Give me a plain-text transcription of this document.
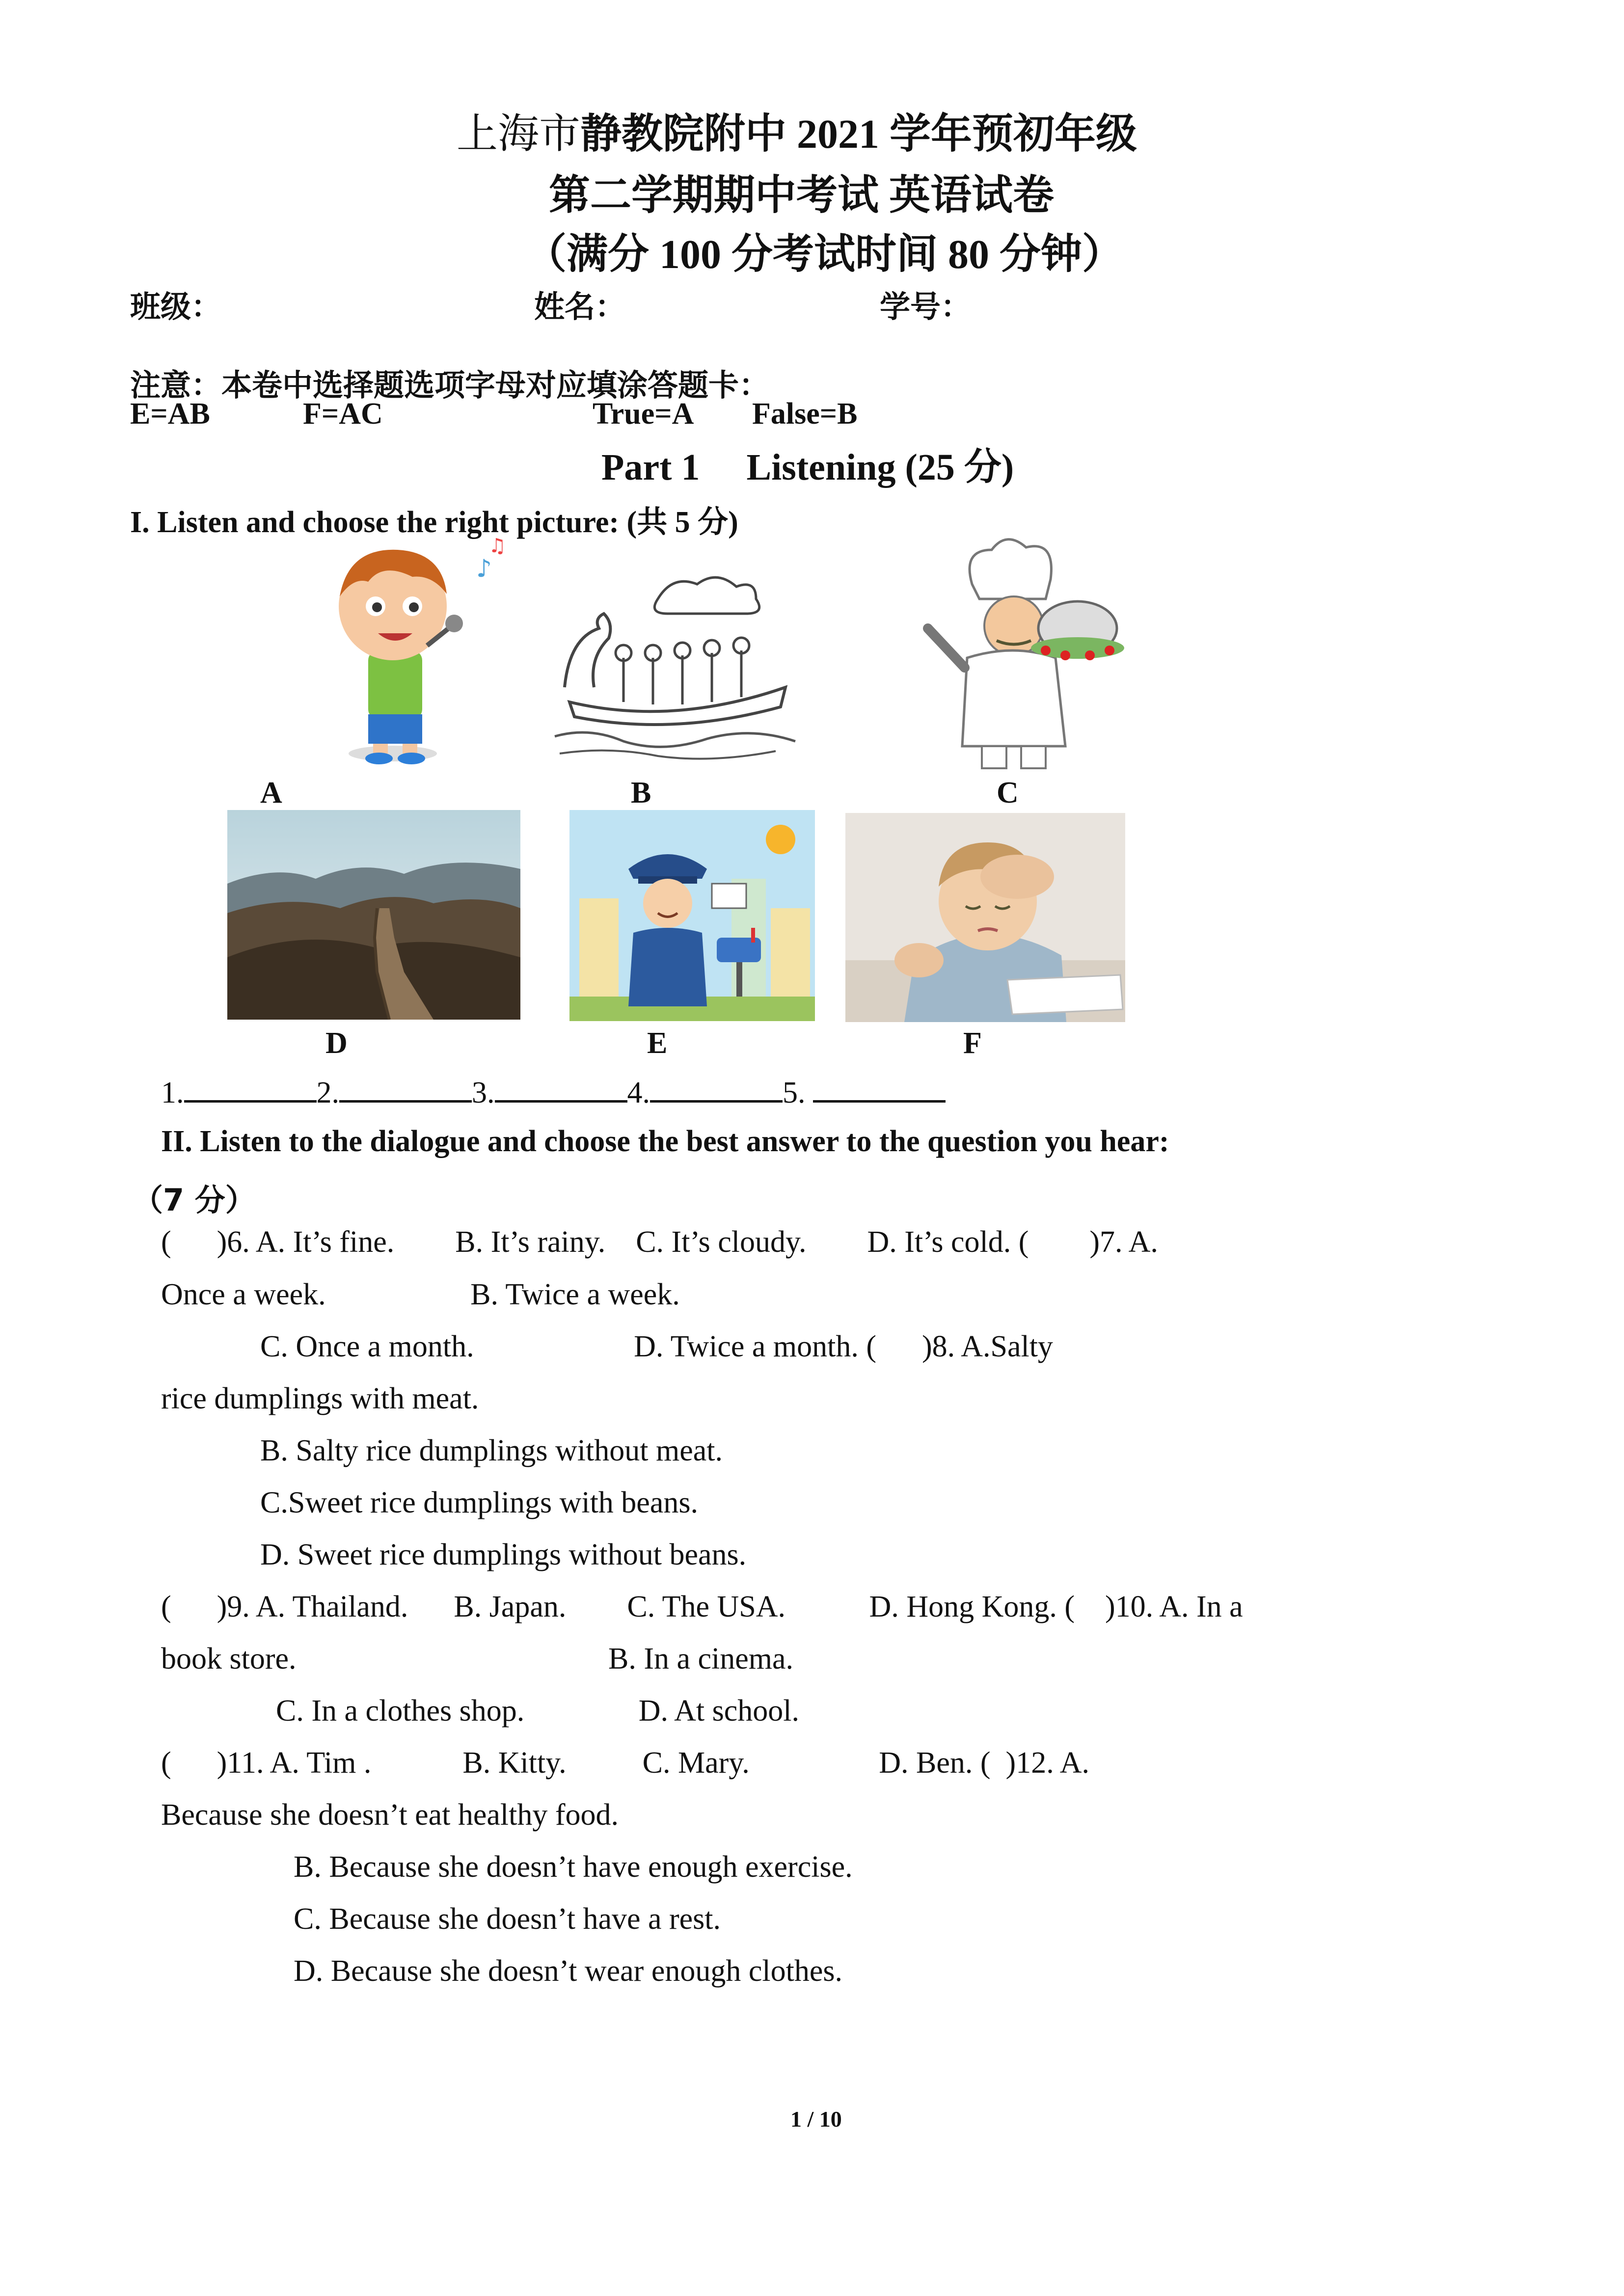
上海市静教院附中 2021 学年预初年级
第二学期期中考试 英语试卷
（满分 100 分考试时间 80 分钟）
班级：	姓名：	学号：
注意：本卷中选择题选项字母对应填涂答题卡：
E=AB	F=AC	True=A False=B
Part 1 Listening (25 分)
I. Listen and choose the right picture: (共 5 分)
♪
♫
A	B	C
D	E	F
1.	2.	3.	4.	5.
II. Listen to the dialogue and choose the best answer to the question you hear:
（7 分）
(      )6. A. It’s fine.        B. It’s rainy.    C. It’s cloudy.        D. It’s cold. (        )7. A.
Once a week.                   B. Twice a week.
C. Once a month.                     D. Twice a month. (      )8. A.Salty
rice dumplings with meat.
B. Salty rice dumplings without meat.
C.Sweet rice dumplings with beans.
D. Sweet rice dumplings without beans.
(      )9. A. Thailand.      B. Japan.        C. The USA.           D. Hong Kong. (    )10. A. In a
book store.                                         B. In a cinema.
C. In a clothes shop.               D. At school.
(      )11. A. Tim .            B. Kitty.          C. Mary.                 D. Ben. (  )12. A.
Because she doesn’t eat healthy food.
B. Because she doesn’t have enough exercise.
C. Because she doesn’t have a rest.
D. Because she doesn’t wear enough clothes.
1 / 10
